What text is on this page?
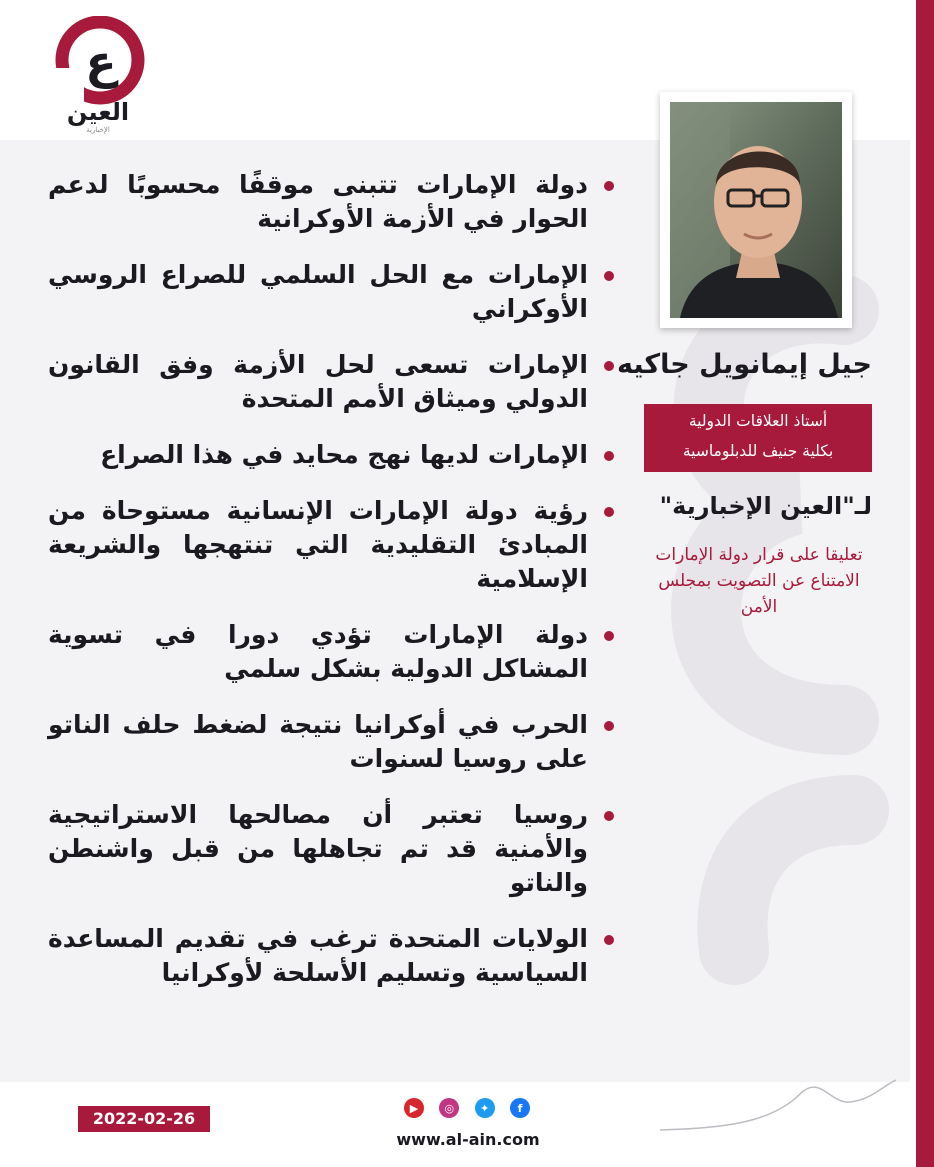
ع
العين
الإخبارية
جيل إيمانويل جاكيه
أستاذ العلاقات الدولية
بكلية جنيف للدبلوماسية
لـ"العين الإخبارية"
تعليقا على قرار دولة الإمارات الامتناع عن التصويت بمجلس الأمن
دولة الإمارات تتبنى موقفًا محسوبًا لدعم الحوار في الأزمة الأوكرانية
الإمارات مع الحل السلمي للصراع الروسي الأوكراني
الإمارات تسعى لحل الأزمة وفق القانون الدولي وميثاق الأمم المتحدة
الإمارات لديها نهج محايد في هذا الصراع
رؤية دولة الإمارات الإنسانية مستوحاة من المبادئ التقليدية التي تنتهجها والشريعة الإسلامية
دولة الإمارات تؤدي دورا في تسوية المشاكل الدولية بشكل سلمي
الحرب في أوكرانيا نتيجة لضغط حلف الناتو على روسيا لسنوات
روسيا تعتبر أن مصالحها الاستراتيجية والأمنية قد تم تجاهلها من قبل واشنطن والناتو
الولايات المتحدة ترغب في تقديم المساعدة السياسية وتسليم الأسلحة لأوكرانيا
2022-02-26
▶	◎	✦	f
www.al-ain.com
